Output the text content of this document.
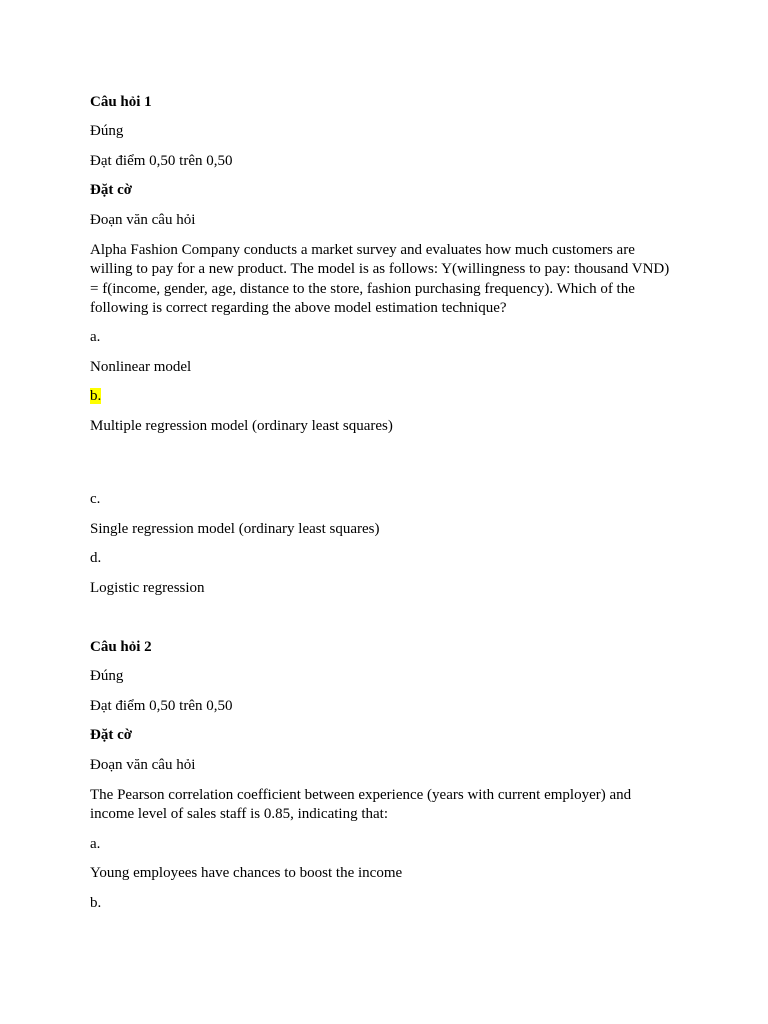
Câu hỏi 1
Đúng
Đạt điểm 0,50 trên 0,50
Đặt cờ
Đoạn văn câu hỏi
Alpha Fashion Company conducts a market survey and evaluates how much customers are willing to pay for a new product. The model is as follows: Y(willingness to pay: thousand VND) = f(income, gender, age, distance to the store, fashion purchasing frequency). Which of the following is correct regarding the above model estimation technique?
a.
Nonlinear model
b.
Multiple regression model (ordinary least squares)
c.
Single regression model (ordinary least squares)
d.
Logistic regression
Câu hỏi 2
Đúng
Đạt điểm 0,50 trên 0,50
Đặt cờ
Đoạn văn câu hỏi
The Pearson correlation coefficient between experience (years with current employer) and income level of sales staff is 0.85, indicating that:
a.
Young employees have chances to boost the income
b.
